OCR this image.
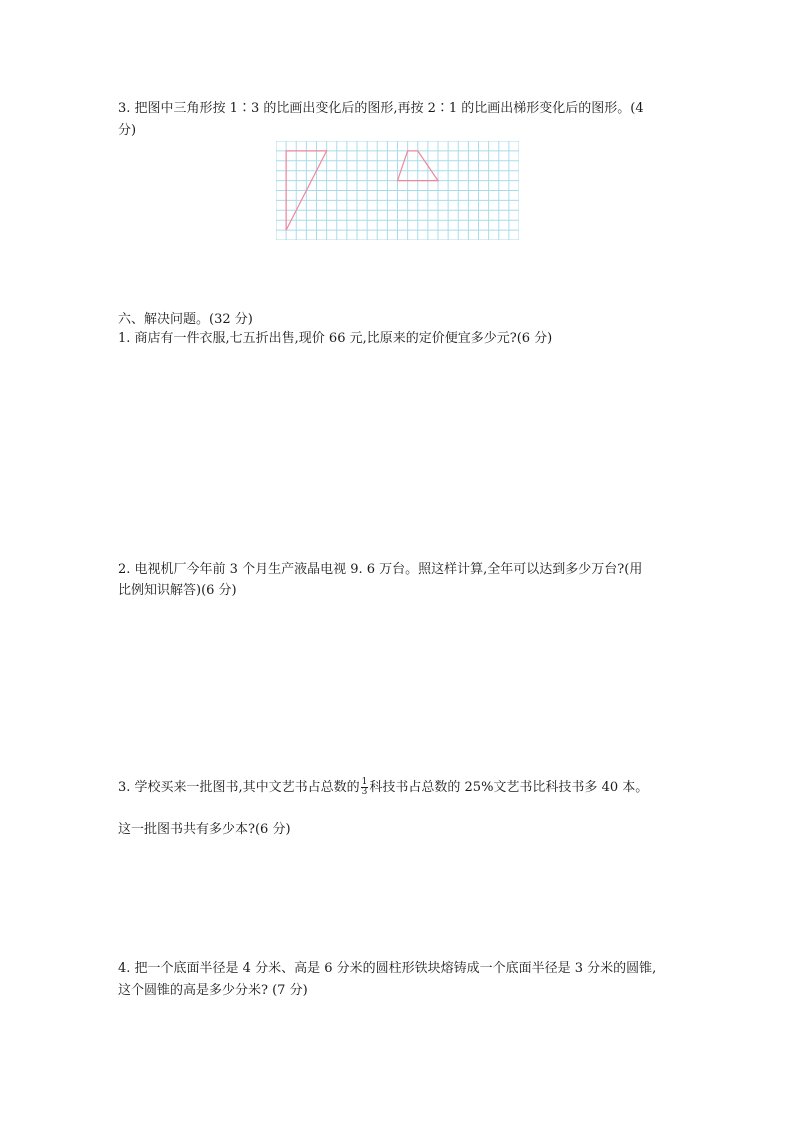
3. 把图中三角形按 1∶3 的比画出变化后的图形,再按 2∶1 的比画出梯形变化后的图形。(4
分)
六、解决问题。(32 分)
1. 商店有一件衣服,七五折出售,现价 66 元,比原来的定价便宜多少元?(6 分)
2. 电视机厂今年前 3 个月生产液晶电视 9. 6 万台。照这样计算,全年可以达到多少万台?(用
比例知识解答)(6 分)
3. 学校买来一批图书,其中文艺书占总数的 $\frac{1}{3}$ 科技书占总数的 25%文艺书比科技书多 40 本。
这一批图书共有多少本?(6 分)
4. 把一个底面半径是 4 分米、高是 6 分米的圆柱形铁块熔铸成一个底面半径是 3 分米的圆锥,
这个圆锥的高是多少分米? (7 分)
